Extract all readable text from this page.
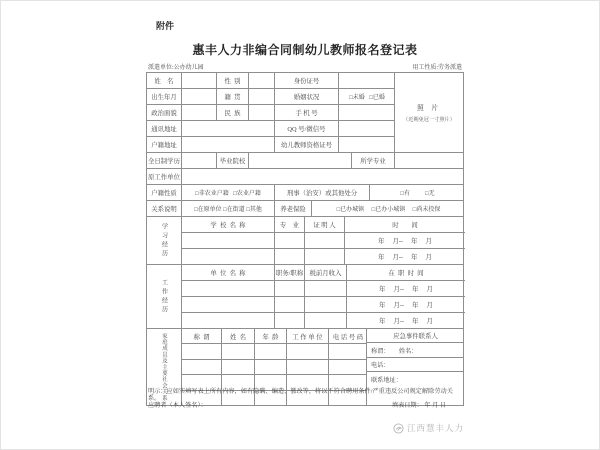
附件
惠丰人力非编合同制幼儿教师报名登记表
派遣单位:公办幼儿园	用工性质:劳务派遣
姓    名	性  别	身份证号
出生年月	籍  贯	婚姻状况	□未婚   □已婚
政治面貌	民  族	手 机 号
通讯地址	QQ 号/微信号
户籍地址	幼儿教师资格证号
照 片
（近期免冠一寸照片）
全日制学历	毕业院校	所学专业
原工作单位
户籍性质	□非农业户籍   □农业户籍	刑事（治安）或其他处分	□有          □无
关系说明	□在原单位 □在街道 □其他	养老保险	□已办城镇     □已办小城镇     □尚未投保
学习经历	学  校  名  称	专    业	证 明 人	时        间
年     月--     年     月
年     月--     年     月
工作经历
单  位  名  称	职务/职称 税前月收入	在  职  时  间
年     月--     年     月
年     月--     年     月
年     月--     年     月
家庭成员及主要社会关系	称  谓	姓  名	年  龄	工 作 单 位	电 话 号 码	应急事件联系人
称谓：      姓名：
电话：
联系地址：
明示：应如实填写表上所有内容，如有隐瞒、编造、篡改等，将以不符合聘用条件/严重违反公司规定解除劳动关系。
应聘者（本人签名）：	填表日期： 年 月 日
江西慧丰人力
